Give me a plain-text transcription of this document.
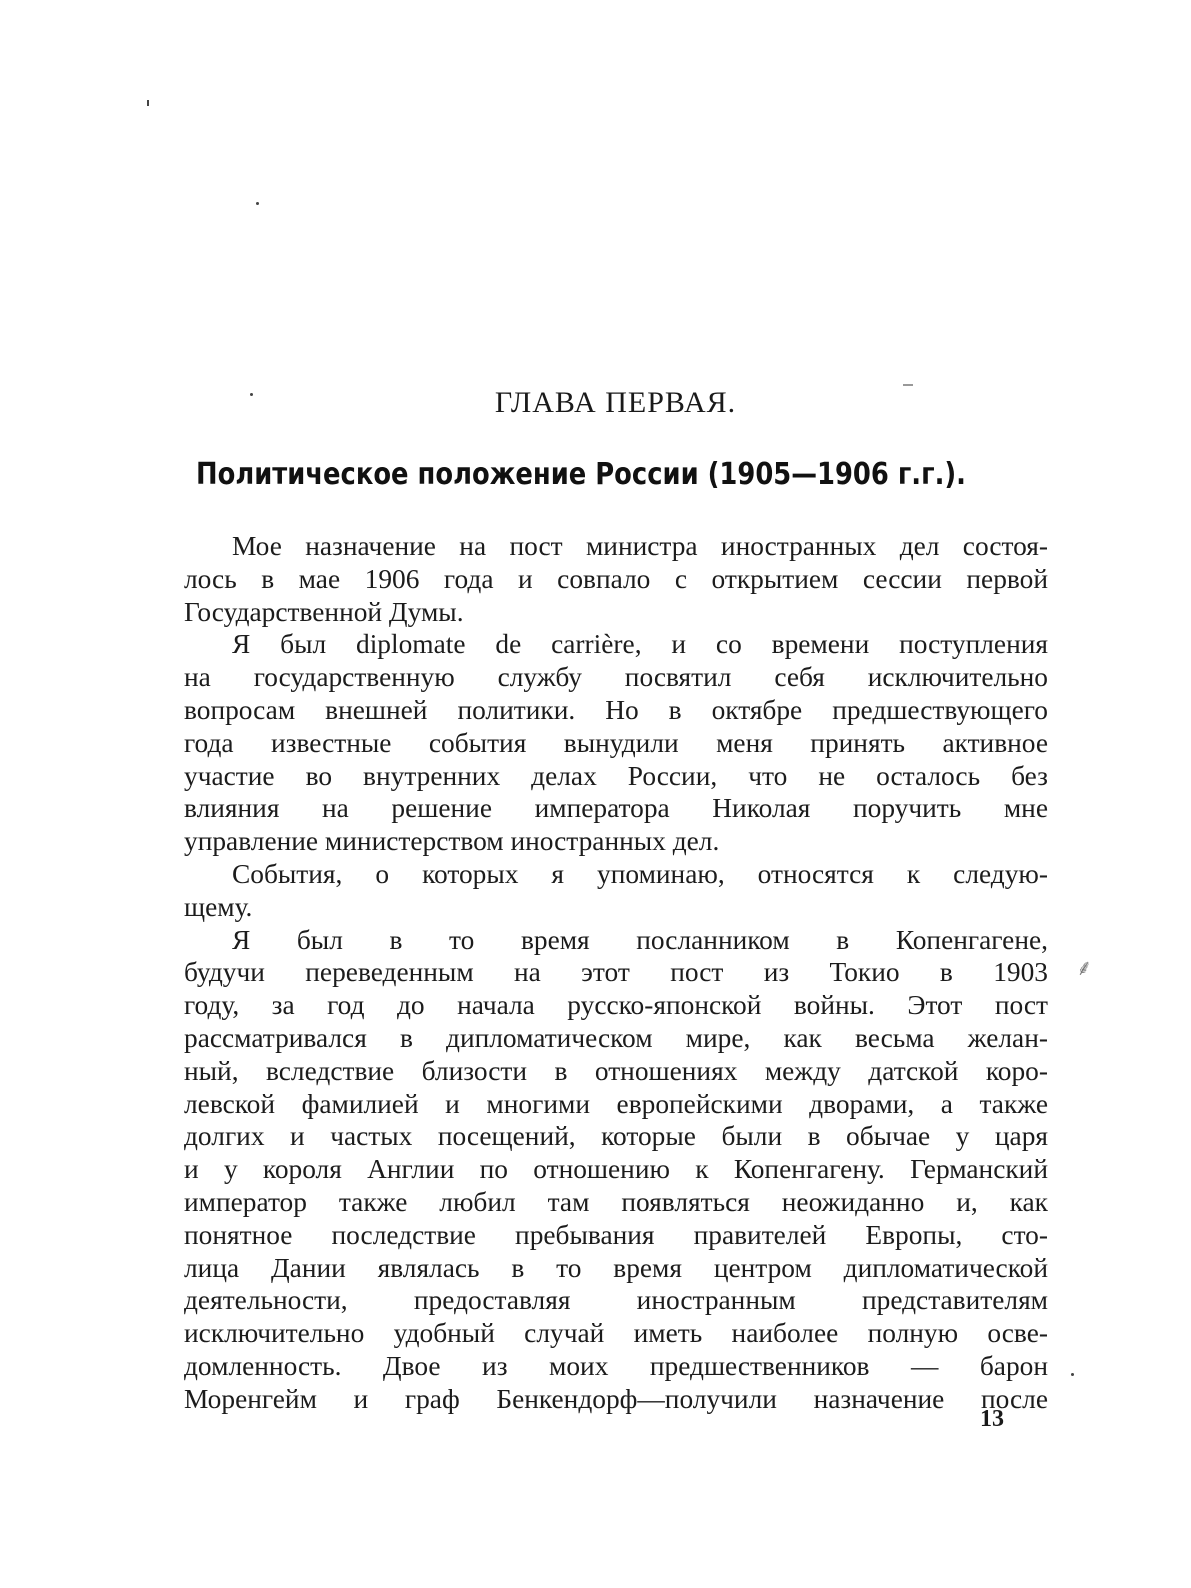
ГЛАВА ПЕРВАЯ.
Политическое положение России (1905—1906 г.г.).
Мое назначение на пост министра иностранных дел состоя-
лось в мае 1906 года и совпало с открытием сессии первой
Государственной Думы.
Я был diplomate de carrière, и со времени поступления
на государственную службу посвятил себя исключительно
вопросам внешней политики. Но в октябре предшествующего
года известные события вынудили меня принять активное
участие во внутренних делах России, что не осталось без
влияния на решение императора Николая поручить мне
управление министерством иностранных дел.
События, о которых я упоминаю, относятся к следую-
щему.
Я был в то время посланником в Копенгагене,
будучи переведенным на этот пост из Токио в 1903
году, за год до начала русско-японской войны. Этот пост
рассматривался в дипломатическом мире, как весьма желан-
ный, вследствие близости в отношениях между датской коро-
левской фамилией и многими европейскими дворами, а также
долгих и частых посещений, которые были в обычае у царя
и у короля Англии по отношению к Копенгагену. Германский
император также любил там появляться неожиданно и, как
понятное последствие пребывания правителей Европы, сто-
лица Дании являлась в то время центром дипломатической
деятельности, предоставляя иностранным представителям
исключительно удобный случай иметь наиболее полную осве-
домленность. Двое из моих предшественников — барон
Моренгейм и граф Бенкендорф—получили назначение после
13
⸙
